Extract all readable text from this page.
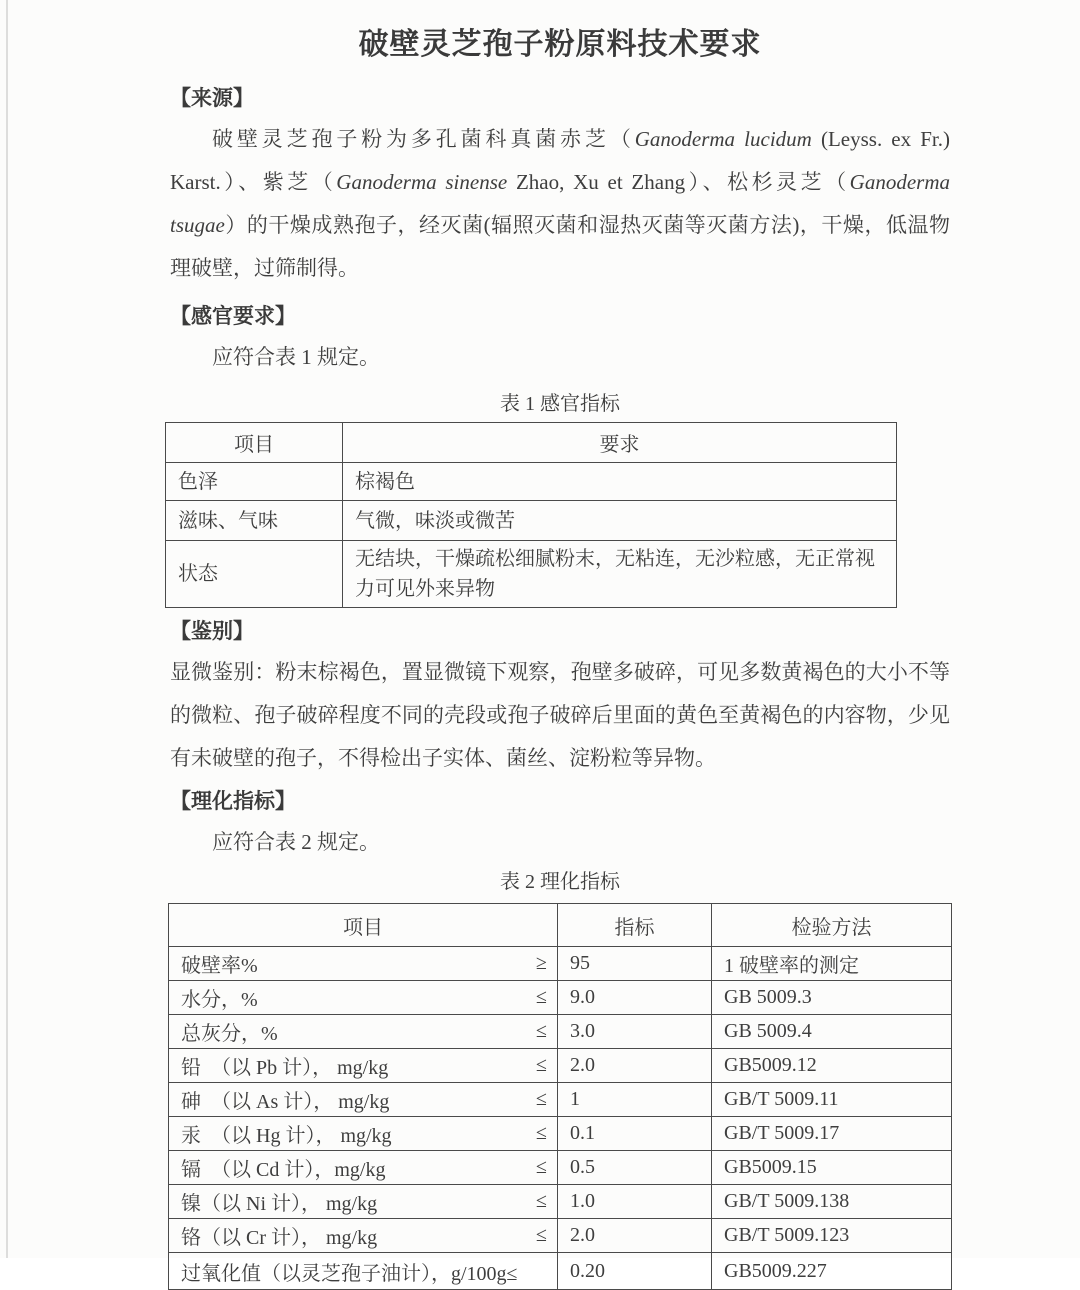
破壁灵芝孢子粉原料技术要求
【来源】

破壁灵芝孢子粉为多孔菌科真菌赤芝（Ganoderma lucidum (Leyss. ex Fr.) Karst.）、紫芝（Ganoderma sinense Zhao, Xu et Zhang）、松杉灵芝（Ganoderma tsugae）的干燥成熟孢子，经灭菌(辐照灭菌和湿热灭菌等灭菌方法)，干燥，低温物理破壁，过筛制得。

【感官要求】

应符合表 1 规定。

表 1 感官指标
项目	要求
色泽	棕褐色
滋味、气味	气微，味淡或微苦
状态	无结块，干燥疏松细腻粉末，无粘连，无沙粒感，无正常视力可见外来异物
【鉴别】

显微鉴别：粉末棕褐色，置显微镜下观察，孢壁多破碎，可见多数黄褐色的大小不等的微粒、孢子破碎程度不同的壳段或孢子破碎后里面的黄色至黄褐色的内容物，少见有未破壁的孢子，不得检出子实体、菌丝、淀粉粒等异物。

【理化指标】

应符合表 2 规定。

表 2 理化指标
项目	指标	检验方法

破壁率% ≥	95	1 破壁率的测定

水分，% ≤	9.0	GB 5009.3

总灰分，% ≤	3.0	GB 5009.4

铅　（以 Pb 计）， mg/kg ≤	2.0	GB5009.12

砷　（以 As 计）， mg/kg ≤	1	GB/T 5009.11

汞　（以 Hg 计）， mg/kg ≤	0.1	GB/T 5009.17

镉　（以 Cd 计），mg/kg ≤	0.5	GB5009.15

镍（以 Ni 计）， mg/kg ≤	1.0	GB/T 5009.138

铬（以 Cr 计）， mg/kg ≤	2.0	GB/T 5009.123

过氧化值（以灵芝孢子油计），g/100g≤	0.20	GB5009.227
